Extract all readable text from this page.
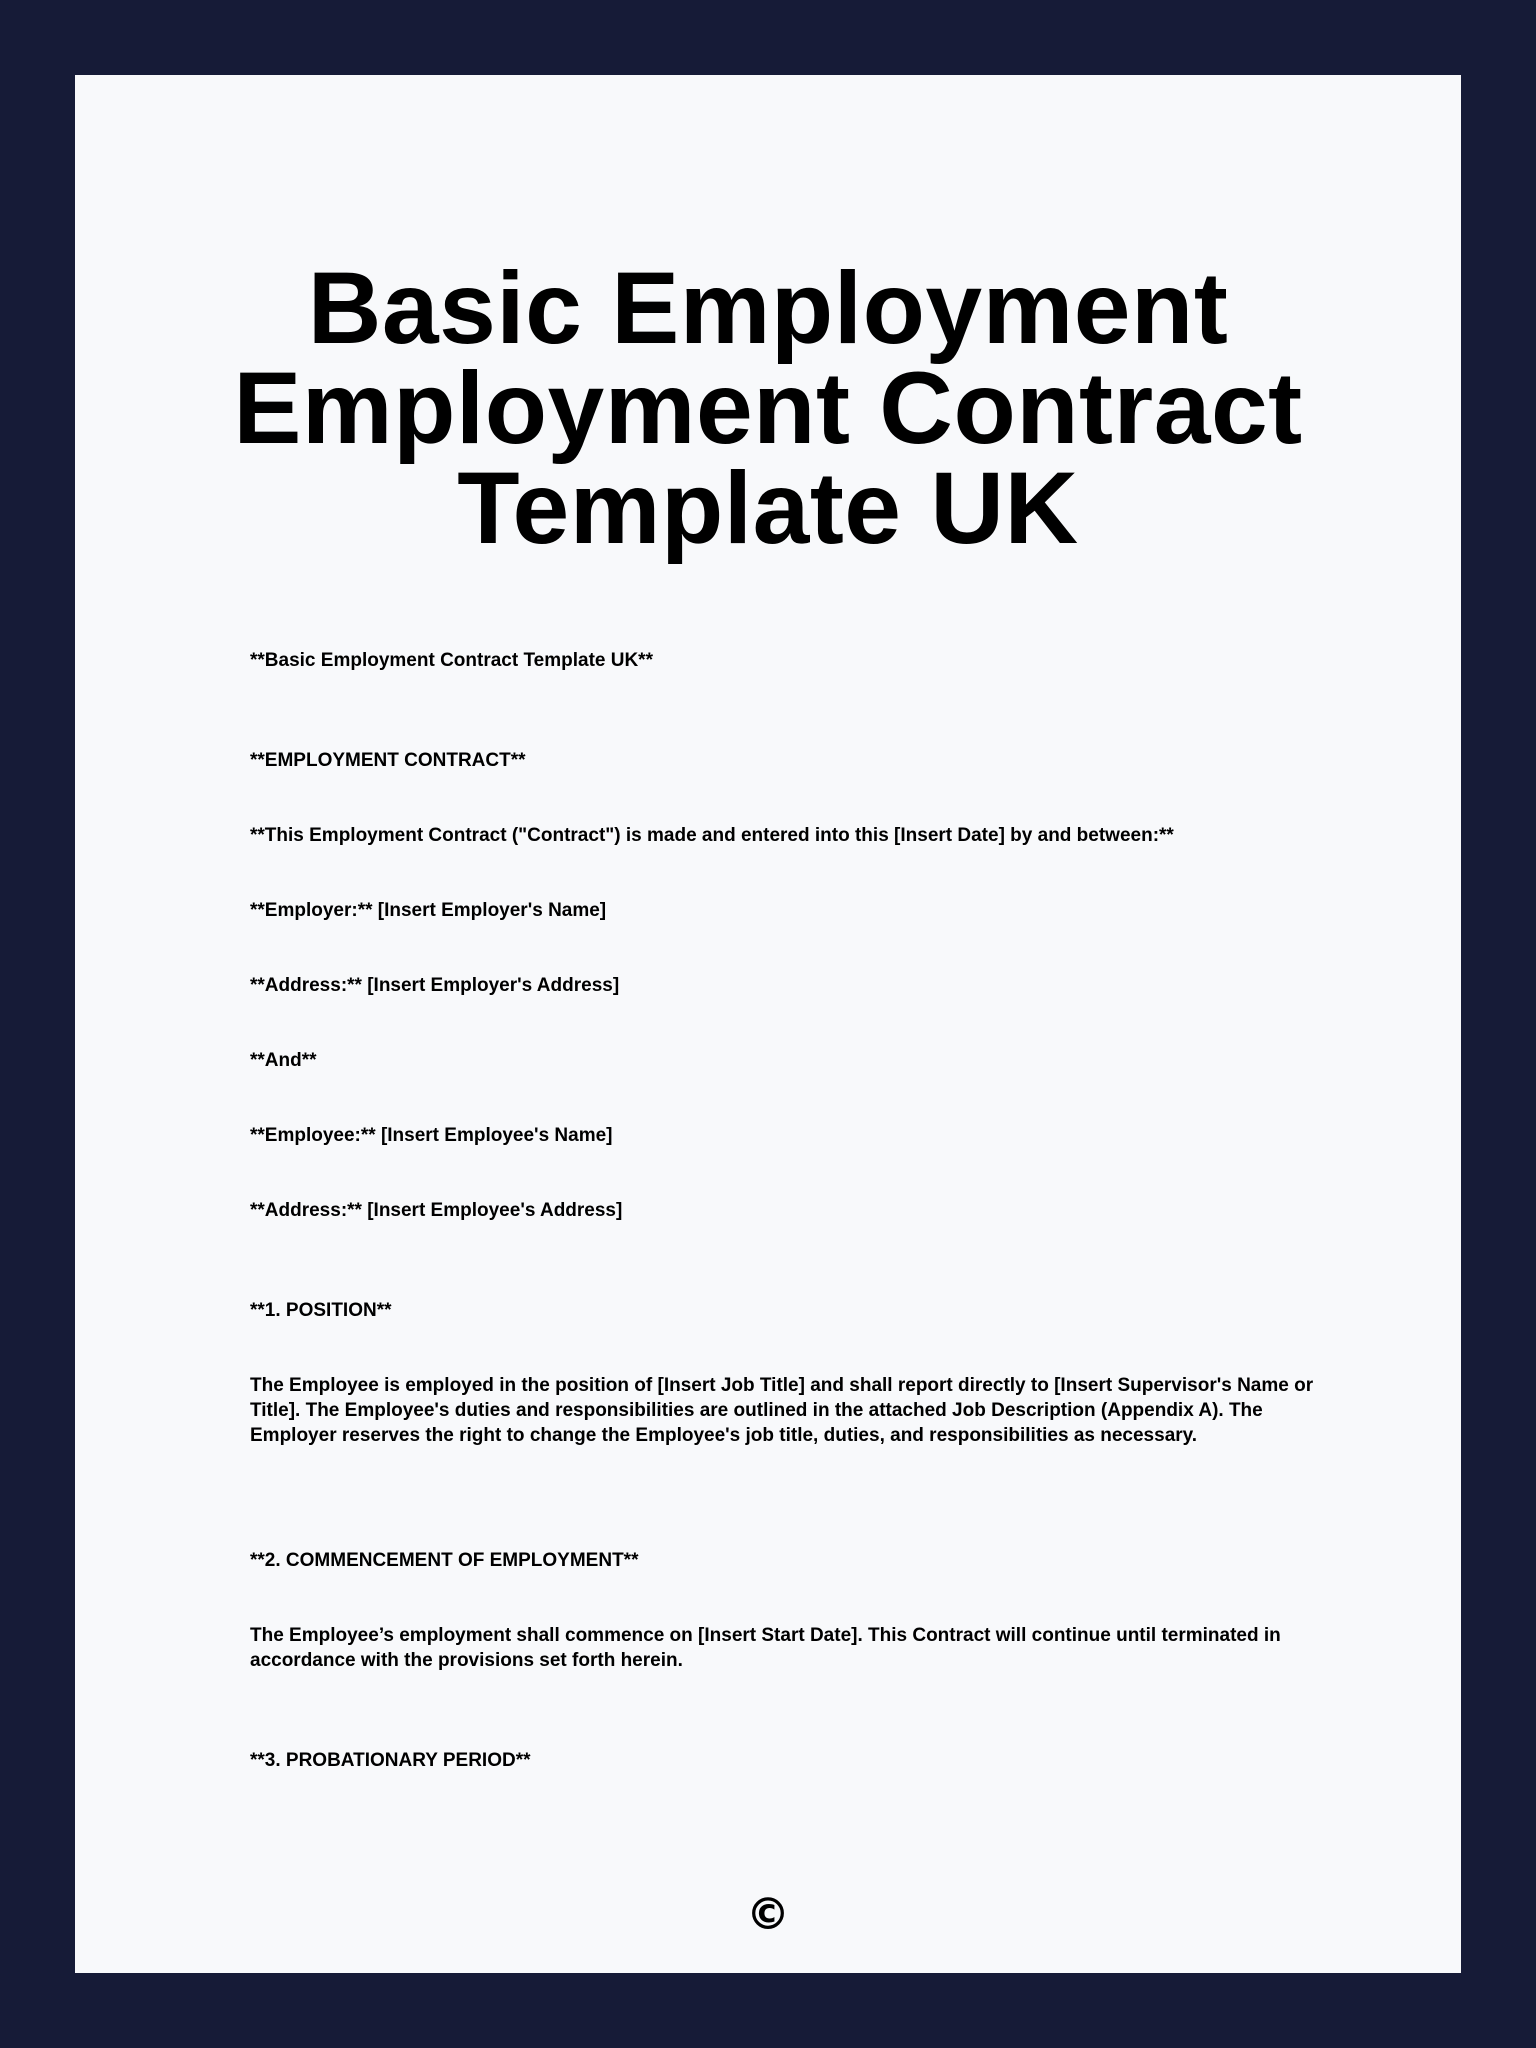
Basic Employment
Employment Contract
Template UK

**Basic Employment Contract Template UK**

**EMPLOYMENT CONTRACT**

**This Employment Contract ("Contract") is made and entered into this [Insert Date] by and between:**

**Employer:** [Insert Employer's Name]

**Address:** [Insert Employer's Address]

**And**

**Employee:** [Insert Employee's Name]

**Address:** [Insert Employee's Address]

**1. POSITION**

The Employee is employed in the position of [Insert Job Title] and shall report directly to [Insert Supervisor's Name or Title]. The Employee's duties and responsibilities are outlined in the attached Job Description (Appendix A). The Employer reserves the right to change the Employee's job title, duties, and responsibilities as necessary.

**2. COMMENCEMENT OF EMPLOYMENT**

The Employee’s employment shall commence on [Insert Start Date]. This Contract will continue until terminated in accordance with the provisions set forth herein.

**3. PROBATIONARY PERIOD**

©
